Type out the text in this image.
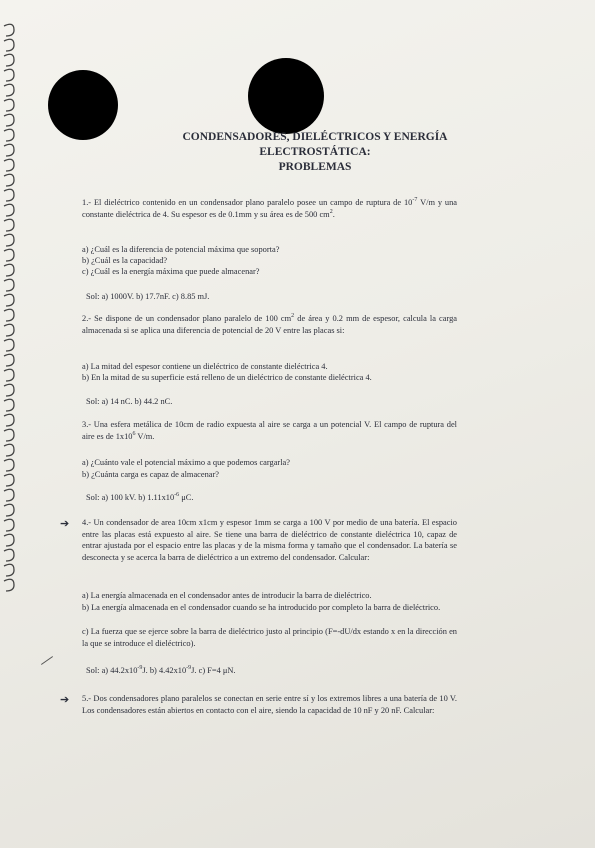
CONDENSADORES, DIELÉCTRICOS Y ENERGÍA
ELECTROSTÁTICA:
PROBLEMAS
1.- El dieléctrico contenido en un condensador plano paralelo posee un campo de ruptura de $10^{-7}$ V/m y una constante dieléctrica de 4. Su espesor es de 0.1mm y su área es de 500 $cm^2$.
a) ¿Cuál es la diferencia de potencial máxima que soporta?
b) ¿Cuál es la capacidad?
c) ¿Cuál es la energía máxima que puede almacenar?
Sol: a) 1000V. b) 17.7nF. c) 8.85 mJ.
2.- Se dispone de un condensador plano paralelo de 100 $cm^2$ de área y 0.2 mm de espesor, calcula la carga almacenada si se aplica una diferencia de potencial de 20 V entre las placas si:
a) La mitad del espesor contiene un dieléctrico de constante dieléctrica 4.
b) En la mitad de su superficie está relleno de un dieléctrico de constante dieléctrica 4.
Sol: a) 14 nC. b) 44.2 nC.
3.- Una esfera metálica de 10cm de radio expuesta al aire se carga a un potencial V. El campo de ruptura del aire es de $1x10^6$ V/m.
a) ¿Cuánto vale el potencial máximo a que podemos cargarla?
b) ¿Cuánta carga es capaz de almacenar?
Sol: a) 100 kV. b) $1.11x10^{-6}$ μC.
➔ 4.- Un condensador de area 10cm x1cm y espesor 1mm se carga a 100 V por medio de una batería. El espacio entre las placas está expuesto al aire. Se tiene una barra de dieléctrico de constante dieléctrica 10, capaz de entrar ajustada por el espacio entre las placas y de la misma forma y tamaño que el condensador. La batería se desconecta y se acerca la barra de dieléctrico a un extremo del condensador. Calcular:
a) La energía almacenada en el condensador antes de introducir la barra de dieléctrico.
b) La energía almacenada en el condensador cuando se ha introducido por completo la barra de dieléctrico.
c) La fuerza que se ejerce sobre la barra de dieléctrico justo al principio (F=-dU/dx estando x en la dirección en la que se introduce el dieléctrico).
Sol: a) $44.2x10^{-9}J$. b) $4.42x10^{-9}J$. c) F=4 μN.
➔ 5.- Dos condensadores plano paralelos se conectan en serie entre sí y los extremos libres a una batería de 10 V. Los condensadores están abiertos en contacto con el aire, siendo la capacidad de 10 nF y 20 nF. Calcular:
